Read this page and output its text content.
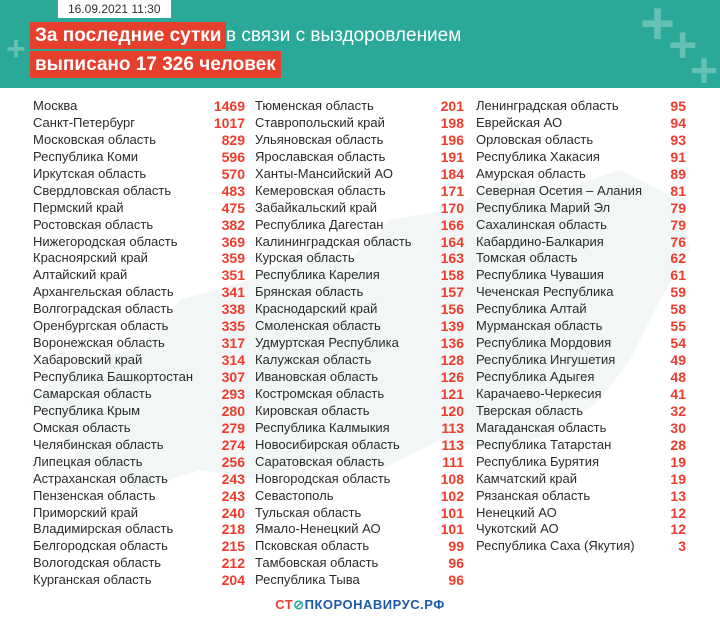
+
+
+
+
16.09.2021 11:30
За последние сутки в связи с выздоровлением
выписано 17 326 человек
Москва	1469
Санкт-Петербург	1017
Московская область	829
Республика Коми	596
Иркутская область	570
Свердловская область	483
Пермский край	475
Ростовская область	382
Нижегородская область	369
Красноярский край	359
Алтайский край	351
Архангельская область	341
Волгоградская область	338
Оренбургская область	335
Воронежская область	317
Хабаровский край	314
Республика Башкортостан 307
Самарская область	293
Республика Крым	280
Омская область	279
Челябинская область	274
Липецкая область	256
Астраханская область	243
Пензенская область	243
Приморский край	240
Владимирская область	218
Белгородская область	215
Вологодская область	212
Курганская область	204
Тюменская область	201
Ставропольский край	198
Ульяновская область	196
Ярославская область	191
Ханты-Мансийский АО	184
Кемеровская область	171
Забайкальский край	170
Республика Дагестан	166
Калининградская область 164
Курская область	163
Республика Карелия	158
Брянская область	157
Краснодарский край	156
Смоленская область	139
Удмуртская Республика	136
Калужская область	128
Ивановская область	126
Костромская область	121
Кировская область	120
Республика Калмыкия	113
Новосибирская область	113
Саратовская область	111
Новгородская область	108
Севастополь	102
Тульская область	101
Ямало-Ненецкий АО	101
Псковская область	99
Тамбовская область	96
Республика Тыва	96
Ленинградская область	95
Еврейская АО	94
Орловская область	93
Республика Хакасия	91
Амурская область	89
Северная Осетия – Алания 81
Республика Марий Эл	79
Сахалинская область	79
Кабардино-Балкария	76
Томская область	62
Республика Чувашия	61
Чеченская Республика	59
Республика Алтай	58
Мурманская область	55
Республика Мордовия	54
Республика Ингушетия	49
Республика Адыгея	48
Карачаево-Черкесия	41
Тверская область	32
Магаданская область	30
Республика Татарстан	28
Республика Бурятия	19
Камчатский край	19
Рязанская область	13
Ненецкий АО	12
Чукотский АО	12
Республика Саха (Якутия)	3
СТ⊘ПКОРОНАВИРУС.РФ
